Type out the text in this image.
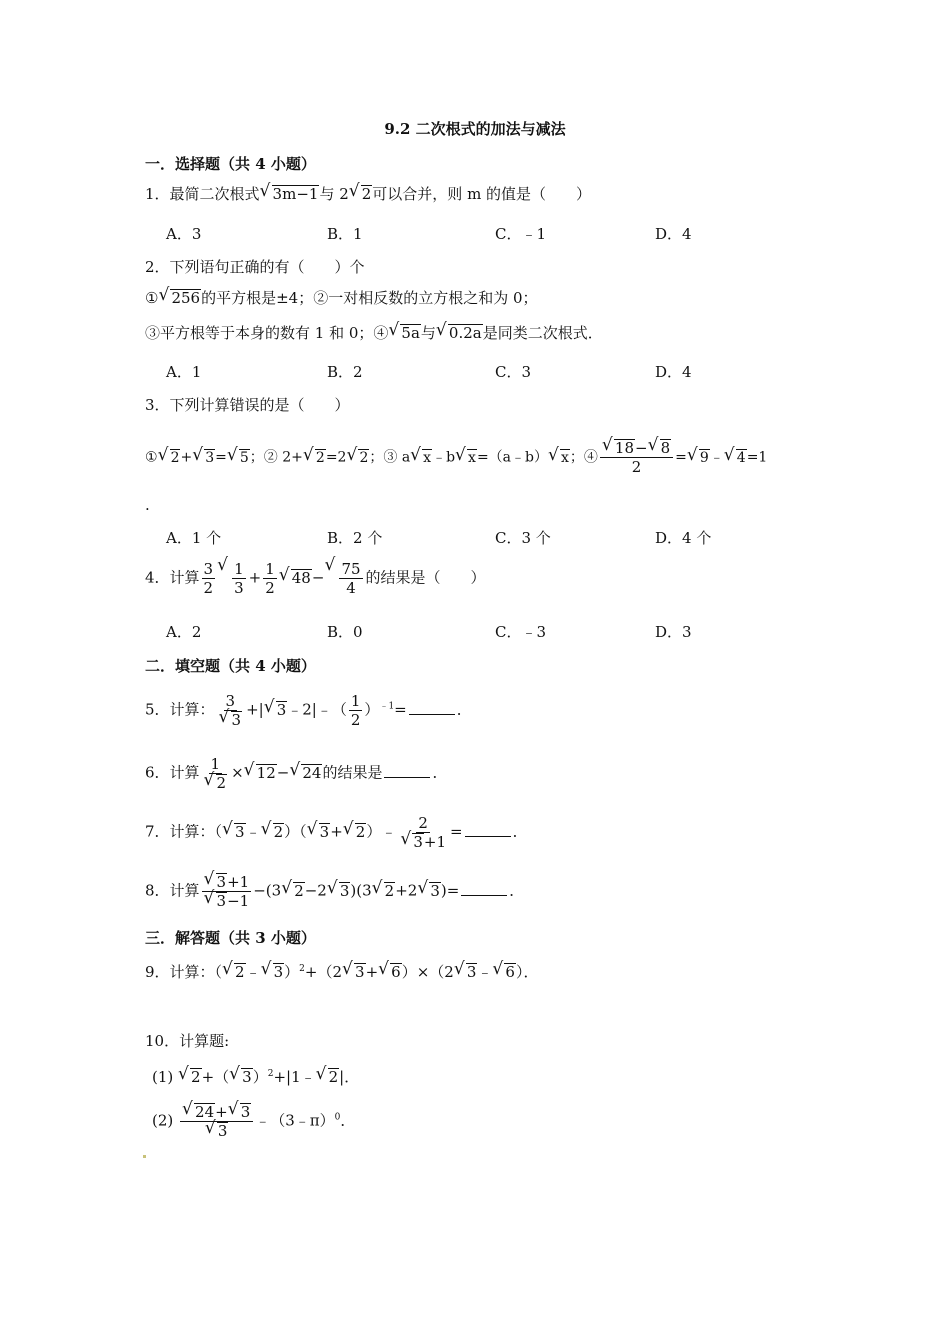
9.2 二次根式的加法与减法
一．选择题（共 4 小题）
1．最简二次根式 √ 3m−1与 2 √ 2可以合并，则 m 的值是（　　）
A．3	B．1	C．﹣1	D．4
2．下列语句正确的有（　　）个
① √ 256的平方根是±4；②一对相反数的立方根之和为 0；
③平方根等于本身的数有 1 和 0；④ √ 5a与 √ 0.2a是同类二次根式．
A．1	B．2	C．3	D．4
3．下列计算错误的是（　　）
① √ 2+ √ 3= √ 5；② 2+ √ 2=2 √ 2；③ a √ x﹣b √ x=（a﹣b） √ x；④ √ $\frac{18- √ 8}{2}$ = √ 9﹣ √ 4=1
.
A．1 个	B．2 个	C．3 个	D．4 个
4．计算 $\frac{3}{2}$ √ $\frac{1}{3} + \frac{1}{2}$ √ 48− √ $\frac{75}{4}$ 的结果是（　　）
A．2	B．0	C．﹣3	D．3
二．填空题（共 4 小题）
5．计算： 3
√ 3 +| √ 3﹣2|﹣（ $\frac{1}{2} )^{﹣1}=$	．
6．计算 1
√ 2 × √ 12− √ 24的结果是	．
7．计算：（ √ 3﹣ √ 2）（ √ 3+ √ 2）﹣ 2
√ 3+1 =	．
8．计算 √ 3+1
√ 3−1 −(3 √ 2−2 √ 3)(3 √ 2+2 √ 3)=	．
三．解答题（共 3 小题）
9．计算：（ √ 2﹣ √ 3）$^2$+（2 √ 3+ √ 6）×（2 √ 3﹣ √ 6）．
10．计算题:
(1) √ 2+（ √ 3）$^2$+|1﹣ √ 2|．
(2) √ 24+ √ 3
√ 3 ﹣（3﹣π）$^0$．
